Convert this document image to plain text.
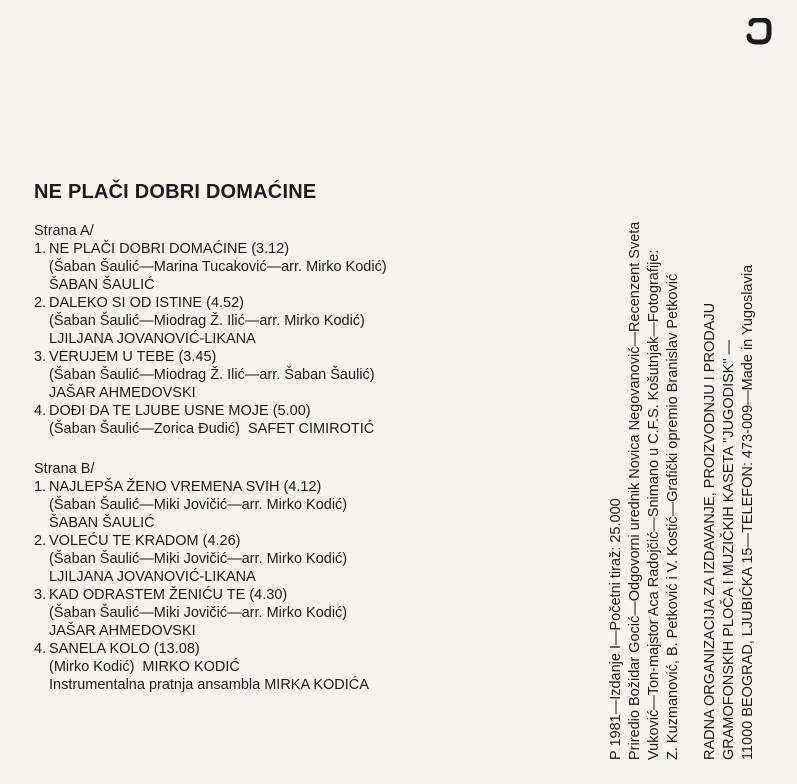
NE PLAČI DOBRI DOMAĆINE
Strana A/
1. NE PLAČI DOBRI DOMAĆINE (3.12)
(Šaban Šaulić—Marina Tucaković—arr. Mirko Kodić)
ŠABAN ŠAULIĆ
2. DALEKO SI OD ISTINE (4.52)
(Šaban Šaulić—Miodrag Ž. Ilić—arr. Mirko Kodić)
LJILJANA JOVANOVIĆ-LIKANA
3. VERUJEM U TEBE (3.45)
(Šaban Šaulić—Miodrag Ž. Ilić—arr. Šaban Šaulić)
JAŠAR AHMEDOVSKI
4. DOĐI DA TE LJUBE USNE MOJE (5.00)
(Šaban Šaulić—Zorica Đudić) SAFET CIMIROTIĆ
Strana B/
1. NAJLEPŠA ŽENO VREMENA SVIH (4.12)
(Šaban Šaulić—Miki Jovičić—arr. Mirko Kodić)
ŠABAN ŠAULIĆ
2. VOLEĆU TE KRADOM (4.26)
(Šaban Šaulić—Miki Jovičić—arr. Mirko Kodić)
LJILJANA JOVANOVIĆ-LIKANA
3. KAD ODRASTEM ŽENIĆU TE (4.30)
(Šaban Šaulić—Miki Jovičić—arr. Mirko Kodić)
JAŠAR AHMEDOVSKI
4. SANELA KOLO (13.08)
(Mirko Kodić) MIRKO KODIĆ
Instrumentalna pratnja ansambla MIRKA KODIĆA	P 1981—Izdanje I—Početni tiraž: 25.000 Priredio Božidar Gocić—Odgovorni urednik Novica Negovanović—Recenzent Sveta Vuković—Ton-majstor Aca Radojčić—Snimano u C.F.S. Košutnjak—Fotografije: Z. Kuzmanović, B. Petković i V. Kostić—Grafički opremio Branislav Petković RADNA ORGANIZACIJA ZA IZDAVANJE, PROIZVODNJU I PRODAJU GRAMOFONSKIH PLOČA I MUZIČKIH KASETA "JUGODISK" — 11000 BEOGRAD, LJUBIĆKA 15—TELEFON: 473-009—Made in Yugoslavia
